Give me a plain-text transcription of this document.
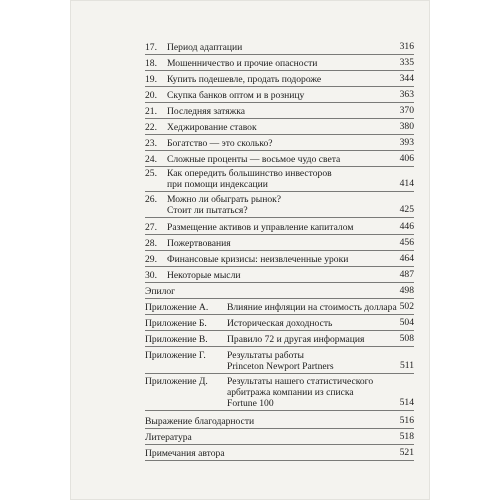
17. Период адаптации	316
18. Мошенничество и прочие опасности	335
19. Купить подешевле, продать подороже	344
20. Скупка банков оптом и в розницу	363
21. Последняя затяжка	370
22. Хеджирование ставок	380
23. Богатство — это сколько?	393
24. Сложные проценты — восьмое чудо света	406
25. Как опередить большинство инвесторов
при помощи индексации	414
26. Можно ли обыграть рынок?
Стоит ли пытаться?	425
27. Размещение активов и управление капиталом	446
28. Пожертвования	456
29. Финансовые кризисы: неизвлеченные уроки	464
30. Некоторые мысли	487
Эпилог	498
Приложение А. Влияние инфляции на стоимость доллара 502
Приложение Б. Историческая доходность	504
Приложение В. Правило 72 и другая информация	508
Приложение Г. Результаты работы
Princeton Newport Partners	511
Приложение Д. Результаты нашего статистического
арбитража компании из списка
Fortune 100	514
Выражение благодарности	516
Литература	518
Примечания автора	521
